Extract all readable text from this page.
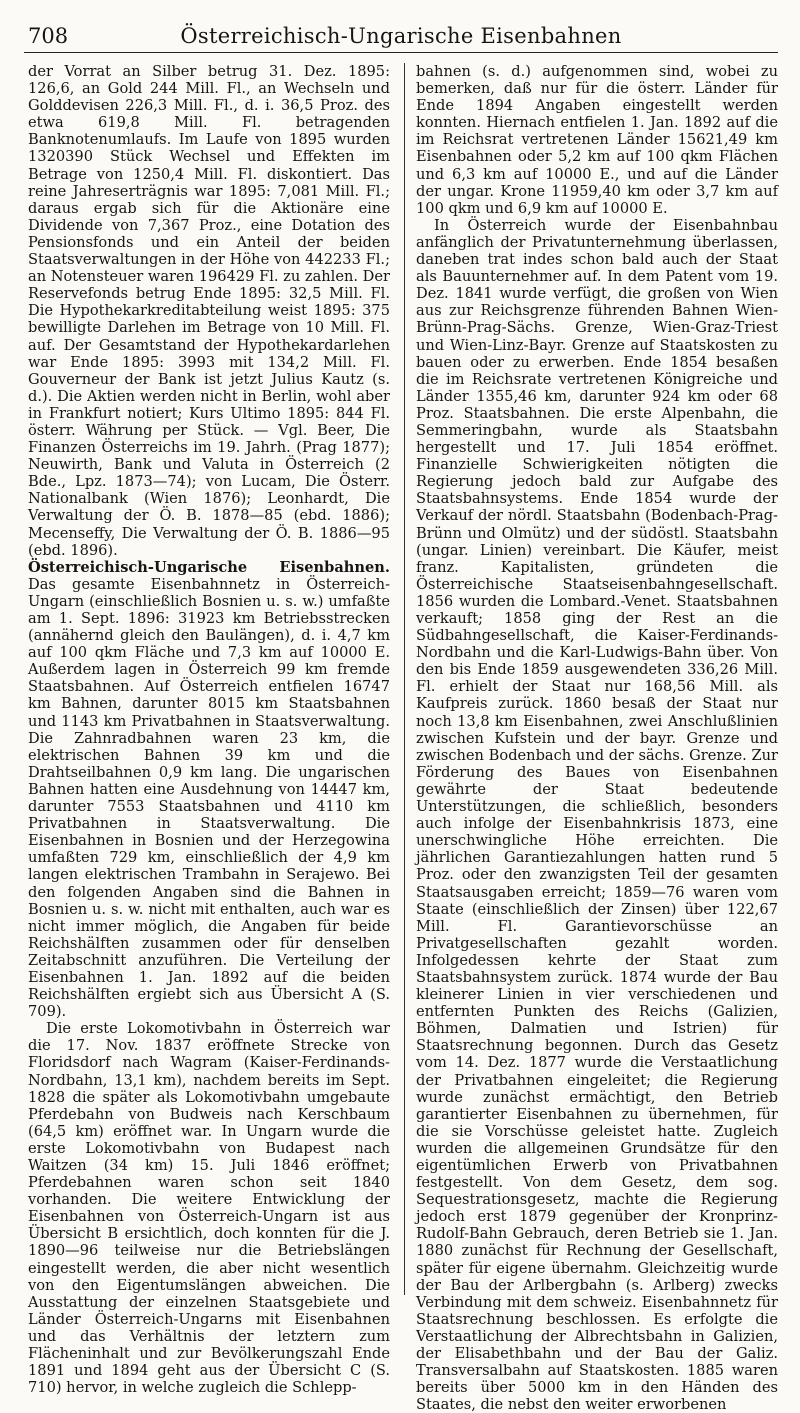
708	Österreichisch-Ungarische Eisenbahnen

der Vorrat an Silber betrug 31. Dez. 1895: 126,6, an Gold 244 Mill. Fl., an Wechseln und Golddevisen 226,3 Mill. Fl., d. i. 36,5 Proz. des etwa 619,8 Mill. Fl. betragenden Banknotenumlaufs. Im Laufe von 1895 wurden 1320390 Stück Wechsel und Effekten im Betrage von 1250,4 Mill. Fl. diskontiert. Das reine Jahreserträgnis war 1895: 7,081 Mill. Fl.; daraus ergab sich für die Aktionäre eine Dividende von 7,367 Proz., eine Dotation des Pensionsfonds und ein Anteil der beiden Staatsverwaltungen in der Höhe von 442233 Fl.; an Notensteuer waren 196429 Fl. zu zahlen. Der Reservefonds betrug Ende 1895: 32,5 Mill. Fl. Die Hypothekarkreditabteilung weist 1895: 375 bewilligte Darlehen im Betrage von 10 Mill. Fl. auf. Der Gesamtstand der Hypothekardarlehen war Ende 1895: 3993 mit 134,2 Mill. Fl. Gouverneur der Bank ist jetzt Julius Kautz (s. d.). Die Aktien werden nicht in Berlin, wohl aber in Frankfurt notiert; Kurs Ultimo 1895: 844 Fl. österr. Währung per Stück. — Vgl. Beer, Die Finanzen Österreichs im 19. Jahrh. (Prag 1877); Neuwirth, Bank und Valuta in Österreich (2 Bde., Lpz. 1873—74); von Lucam, Die Österr. Nationalbank (Wien 1876); Leonhardt, Die Verwaltung der Ö. B. 1878—85 (ebd. 1886); Mecenseffy, Die Verwaltung der Ö. B. 1886—95 (ebd. 1896).

Österreichisch-Ungarische Eisenbahnen. Das gesamte Eisenbahnnetz in Österreich-Ungarn (einschließlich Bosnien u. s. w.) umfaßte am 1. Sept. 1896: 31923 km Betriebsstrecken (annähernd gleich den Baulängen), d. i. 4,7 km auf 100 qkm Fläche und 7,3 km auf 10000 E. Außerdem lagen in Österreich 99 km fremde Staatsbahnen. Auf Österreich entfielen 16747 km Bahnen, darunter 8015 km Staatsbahnen und 1143 km Privatbahnen in Staatsverwaltung. Die Zahnradbahnen waren 23 km, die elektrischen Bahnen 39 km und die Drahtseilbahnen 0,9 km lang. Die ungarischen Bahnen hatten eine Ausdehnung von 14447 km, darunter 7553 Staatsbahnen und 4110 km Privatbahnen in Staatsverwaltung. Die Eisenbahnen in Bosnien und der Herzegowina umfaßten 729 km, einschließlich der 4,9 km langen elektrischen Trambahn in Serajewo. Bei den folgenden Angaben sind die Bahnen in Bosnien u. s. w. nicht mit enthalten, auch war es nicht immer möglich, die Angaben für beide Reichshälften zusammen oder für denselben Zeitabschnitt anzuführen. Die Verteilung der Eisenbahnen 1. Jan. 1892 auf die beiden Reichshälften ergiebt sich aus Übersicht A (S. 709).

Die erste Lokomotivbahn in Österreich war die 17. Nov. 1837 eröffnete Strecke von Floridsdorf nach Wagram (Kaiser-Ferdinands-Nordbahn, 13,1 km), nachdem bereits im Sept. 1828 die später als Lokomotivbahn umgebaute Pferdebahn von Budweis nach Kerschbaum (64,5 km) eröffnet war. In Ungarn wurde die erste Lokomotivbahn von Budapest nach Waitzen (34 km) 15. Juli 1846 eröffnet; Pferdebahnen waren schon seit 1840 vorhanden. Die weitere Entwicklung der Eisenbahnen von Österreich-Ungarn ist aus Übersicht B ersichtlich, doch konnten für die J. 1890—96 teilweise nur die Betriebslängen eingestellt werden, die aber nicht wesentlich von den Eigentumslängen abweichen. Die Ausstattung der einzelnen Staatsgebiete und Länder Österreich-Ungarns mit Eisenbahnen und das Verhältnis der letztern zum Flächeninhalt und zur Bevölkerungszahl Ende 1891 und 1894 geht aus der Übersicht C (S. 710) hervor, in welche zugleich die Schlepp-

bahnen (s. d.) aufgenommen sind, wobei zu bemerken, daß nur für die österr. Länder für Ende 1894 Angaben eingestellt werden konnten. Hiernach entfielen 1. Jan. 1892 auf die im Reichsrat vertretenen Länder 15621,49 km Eisenbahnen oder 5,2 km auf 100 qkm Flächen und 6,3 km auf 10000 E., und auf die Länder der ungar. Krone 11959,40 km oder 3,7 km auf 100 qkm und 6,9 km auf 10000 E.

In Österreich wurde der Eisenbahnbau anfänglich der Privatunternehmung überlassen, daneben trat indes schon bald auch der Staat als Bauunternehmer auf. In dem Patent vom 19. Dez. 1841 wurde verfügt, die großen von Wien aus zur Reichsgrenze führenden Bahnen Wien-Brünn-Prag-Sächs. Grenze, Wien-Graz-Triest und Wien-Linz-Bayr. Grenze auf Staatskosten zu bauen oder zu erwerben. Ende 1854 besaßen die im Reichsrate vertretenen Königreiche und Länder 1355,46 km, darunter 924 km oder 68 Proz. Staatsbahnen. Die erste Alpenbahn, die Semmeringbahn, wurde als Staatsbahn hergestellt und 17. Juli 1854 eröffnet. Finanzielle Schwierigkeiten nötigten die Regierung jedoch bald zur Aufgabe des Staatsbahnsystems. Ende 1854 wurde der Verkauf der nördl. Staatsbahn (Bodenbach-Prag-Brünn und Olmütz) und der südöstl. Staatsbahn (ungar. Linien) vereinbart. Die Käufer, meist franz. Kapitalisten, gründeten die Österreichische Staatseisenbahngesellschaft. 1856 wurden die Lombard.-Venet. Staatsbahnen verkauft; 1858 ging der Rest an die Südbahngesellschaft, die Kaiser-Ferdinands-Nordbahn und die Karl-Ludwigs-Bahn über. Von den bis Ende 1859 ausgewendeten 336,26 Mill. Fl. erhielt der Staat nur 168,56 Mill. als Kaufpreis zurück. 1860 besaß der Staat nur noch 13,8 km Eisenbahnen, zwei Anschlußlinien zwischen Kufstein und der bayr. Grenze und zwischen Bodenbach und der sächs. Grenze. Zur Förderung des Baues von Eisenbahnen gewährte der Staat bedeutende Unterstützungen, die schließlich, besonders auch infolge der Eisenbahnkrisis 1873, eine unerschwingliche Höhe erreichten. Die jährlichen Garantiezahlungen hatten rund 5 Proz. oder den zwanzigsten Teil der gesamten Staatsausgaben erreicht; 1859—76 waren vom Staate (einschließlich der Zinsen) über 122,67 Mill. Fl. Garantievorschüsse an Privatgesellschaften gezahlt worden. Infolgedessen kehrte der Staat zum Staatsbahnsystem zurück. 1874 wurde der Bau kleinerer Linien in vier verschiedenen und entfernten Punkten des Reichs (Galizien, Böhmen, Dalmatien und Istrien) für Staatsrechnung begonnen. Durch das Gesetz vom 14. Dez. 1877 wurde die Verstaatlichung der Privatbahnen eingeleitet; die Regierung wurde zunächst ermächtigt, den Betrieb garantierter Eisenbahnen zu übernehmen, für die sie Vorschüsse geleistet hatte. Zugleich wurden die allgemeinen Grundsätze für den eigentümlichen Erwerb von Privatbahnen festgestellt. Von dem Gesetz, dem sog. Sequestrationsgesetz, machte die Regierung jedoch erst 1879 gegenüber der Kronprinz-Rudolf-Bahn Gebrauch, deren Betrieb sie 1. Jan. 1880 zunächst für Rechnung der Gesellschaft, später für eigene übernahm. Gleichzeitig wurde der Bau der Arlbergbahn (s. Arlberg) zwecks Verbindung mit dem schweiz. Eisenbahnnetz für Staatsrechnung beschlossen. Es erfolgte die Verstaatlichung der Albrechtsbahn in Galizien, der Elisabethbahn und der Bau der Galiz. Transversalbahn auf Staatskosten. 1885 waren bereits über 5000 km in den Händen des Staates, die nebst den weiter erworbenen
